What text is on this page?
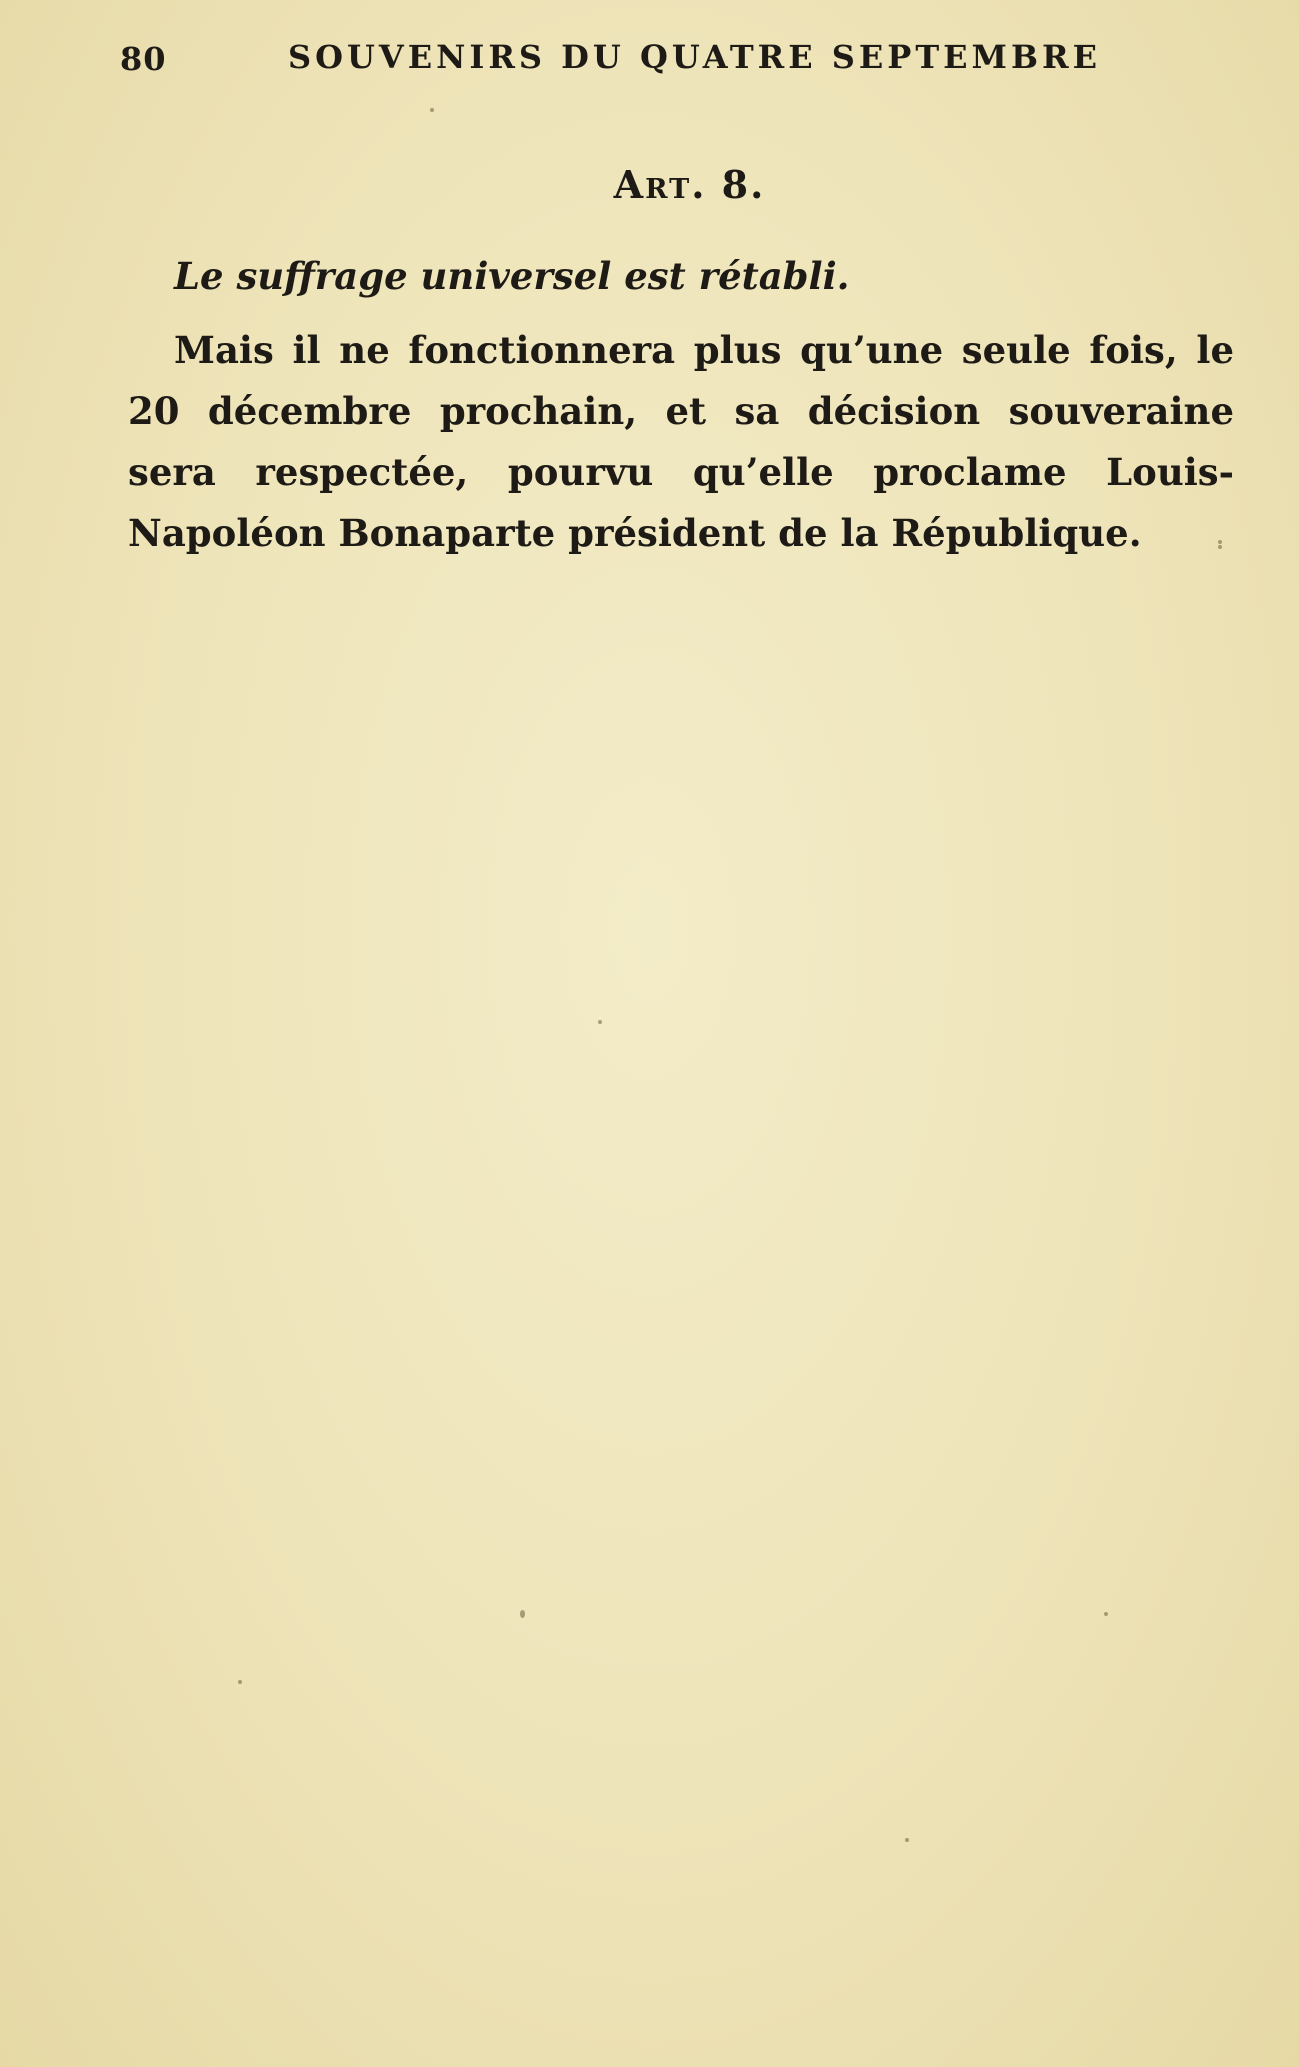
80	SOUVENIRS DU QUATRE SEPTEMBRE
Art. 8.
Le suffrage universel est rétabli.

Mais il ne fonctionnera plus qu’une seule fois, le 20 décembre prochain, et sa décision souveraine sera respectée, pourvu qu’elle proclame Louis-Napoléon Bonaparte président de la République.
